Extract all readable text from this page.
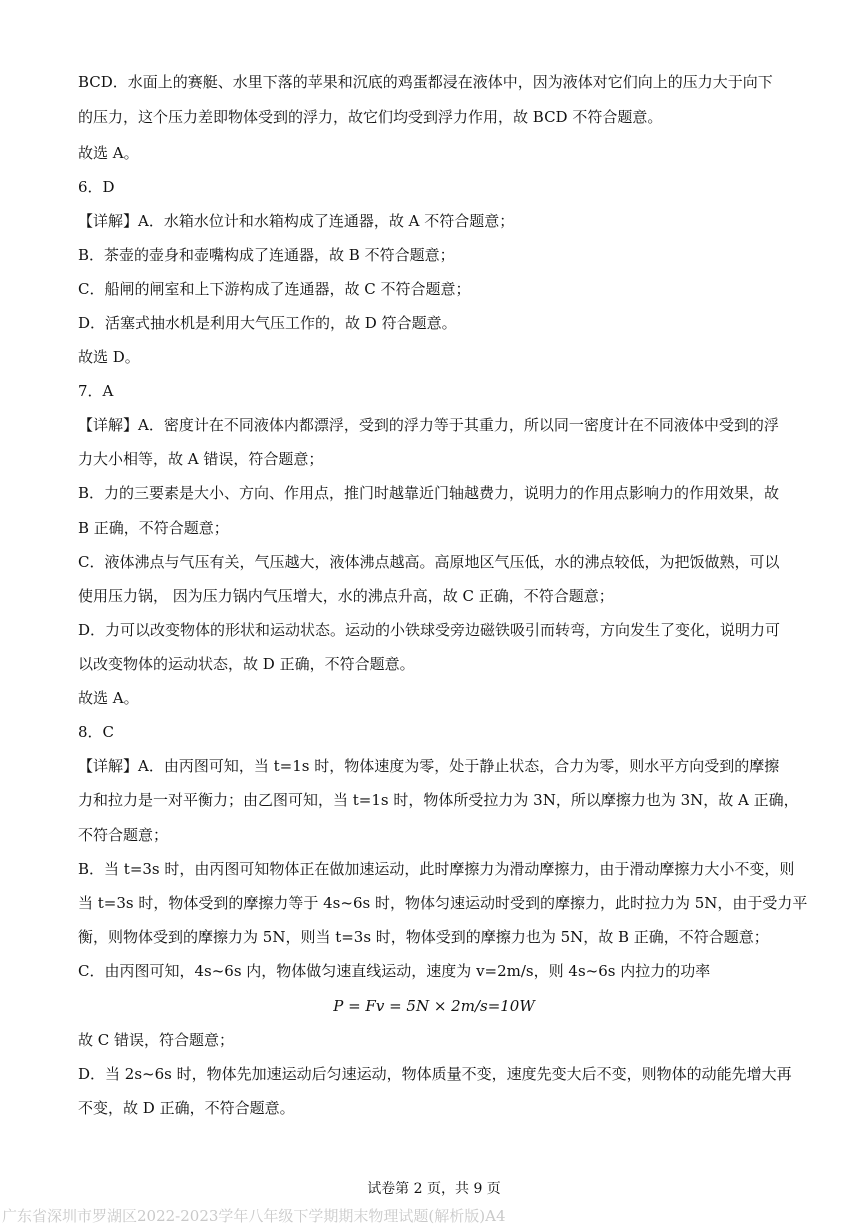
BCD．水面上的赛艇、水里下落的苹果和沉底的鸡蛋都浸在液体中，因为液体对它们向上的压力大于向下
的压力，这个压力差即物体受到的浮力，故它们均受到浮力作用，故 BCD 不符合题意。
故选 A。
6．D
【详解】A．水箱水位计和水箱构成了连通器，故 A 不符合题意；
B．茶壶的壶身和壶嘴构成了连通器，故 B 不符合题意；
C．船闸的闸室和上下游构成了连通器，故 C 不符合题意；
D．活塞式抽水机是利用大气压工作的，故 D 符合题意。
故选 D。
7．A
【详解】A．密度计在不同液体内都漂浮，受到的浮力等于其重力，所以同一密度计在不同液体中受到的浮
力大小相等，故 A 错误，符合题意；
B．力的三要素是大小、方向、作用点，推门时越靠近门轴越费力，说明力的作用点影响力的作用效果，故
B 正确，不符合题意；
C．液体沸点与气压有关，气压越大，液体沸点越高。高原地区气压低，水的沸点较低，为把饭做熟，可以
使用压力锅， 因为压力锅内气压增大，水的沸点升高，故 C 正确，不符合题意；
D．力可以改变物体的形状和运动状态。运动的小铁球受旁边磁铁吸引而转弯，方向发生了变化，说明力可
以改变物体的运动状态，故 D 正确，不符合题意。
故选 A。
8．C
【详解】A．由丙图可知，当 t=1s 时，物体速度为零，处于静止状态，合力为零，则水平方向受到的摩擦
力和拉力是一对平衡力；由乙图可知，当 t=1s 时，物体所受拉力为 3N，所以摩擦力也为 3N，故 A 正确，
不符合题意；
B．当 t=3s 时，由丙图可知物体正在做加速运动，此时摩擦力为滑动摩擦力，由于滑动摩擦力大小不变，则
当 t=3s 时，物体受到的摩擦力等于 4s~6s 时，物体匀速运动时受到的摩擦力，此时拉力为 5N，由于受力平
衡，则物体受到的摩擦力为 5N，则当 t=3s 时，物体受到的摩擦力也为 5N，故 B 正确，不符合题意；
C．由丙图可知，4s~6s 内，物体做匀速直线运动，速度为 v=2m/s，则 4s~6s 内拉力的功率
P = Fv = 5N × 2m/s=10W
故 C 错误，符合题意；
D．当 2s~6s 时，物体先加速运动后匀速运动，物体质量不变，速度先变大后不变，则物体的动能先增大再
不变，故 D 正确，不符合题意。
试卷第 2 页，共 9 页
广东省深圳市罗湖区2022-2023学年八年级下学期期末物理试题(解析版)A4
